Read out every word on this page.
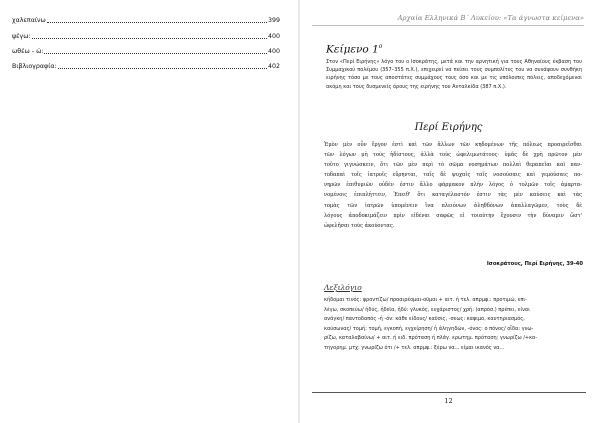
χαλεπαίνω	399
ψέγω:	400
ωθέω - ώ:	400
Βιβλιογραφία:	402
Αρχαία Ελληνικά Β΄ Λυκείου: «Τα άγνωστα κείμενα»
Κείμενο $1^o$
Στον «Περί Ειρήνης» λόγο του ο Ισοκράτης, μετά και την αρνητική για τους Αθηναίους έκβαση του Συμμαχικού πολέμου (357–355 π.Χ.), επιχειρεί να πείσει τους συμπολίτες του να συνάψουν συνθήκη ειρήνης τόσο με τους αποστάτες συμμάχους τους όσο και με τις υπόλοιπες πόλεις, αποδεχόμενοι ακόμη και τους δυσμενείς όρους της ειρήνης του Ανταλκίδα (387 π.Χ.).
Περί Ειρήνης
Ἐμὸν μὲν οὖν ἔργον ἐστὶ καὶ τῶν ἄλλων τῶν κηδομένων τῆς πόλεως προαιρεῖσθαι
τῶν λόγων μὴ τοὺς ἡδίστους, ἀλλὰ τοὺς ὠφελιμωτάτους· ὑμᾶς δὲ χρὴ πρῶτον μὲν
τοῦτο γιγνώσκειν, ὅτι τῶν μὲν περὶ τὸ σῶμα νοσημάτων πολλαὶ θεραπεῖαι καὶ παν-
τοδαπαὶ τοῖς ἰατροῖς εὕρηνται, ταῖς δὲ ψυχαῖς ταῖς νοσούσαις καὶ γεμούσαις πο-
νηρῶν ἐπιθυμιῶν οὐδὲν ἐστιν ἄλλο φάρμακον πλὴν λόγος ὁ τολμῶν τοῖς ἁμαρτα-
νομένοις ἐπιπλήττειν, Ἐπειθ' ὅτι καταγέλαστόν ἐστιν τὰς μὲν καύσεις καὶ τὰς
τομὰς τῶν ἰατρῶν ὑπομένειν ἵνα πλειόνων ἀληθδόνων ἀπαλλαγῶμεν, τοὺς δὲ
λόγους ἀποδοκιμάζειν πρὶν εἰδέναι σαφῶς εἰ τοιαύτην ἔχουσιν τὴν δύναμιν ὥστ'
ὠφελῆσαι τοὺς ἀκούοντας.
Ισοκράτους, Περί Ειρήνης, 39-40
Λεξιλόγιο
κήδομαι τινός: φροντίζω/ προαιρέομαι-οῦμαι + αιτ. ή τελ. απρμφ.: προτιμώ, επι-
λέγω, σκοπεύω/ ἡδύς, ἡδεῖα, ἡδύ: γλυκός, ευχάριστος/ χρή: (απρόσ.) πρέπει, είναι
ανάγκη/ παντοδαπός -ή -όν: κάθε είδους/ καῦσις, -σεως: καψιμο, καυτηριασμός,
καύσωνας/ τομή: τομή, εγκοπή, εγχείρηση/ ἡ ἀληγηδών, -όνος: ο πόνος/ οἶδα: γνω-
ρίζω, καταλαβαίνω/ + αιτ. ή ειδ. πρόταση ή πλάγ. ερωτημ. πρόταση: γνωρίζω /+κα-
τηγορημ. μτχ: γνωρίζω ότι /+ τελ. απρμφ.: ξέρω να... είμαι ικανός να...
12
